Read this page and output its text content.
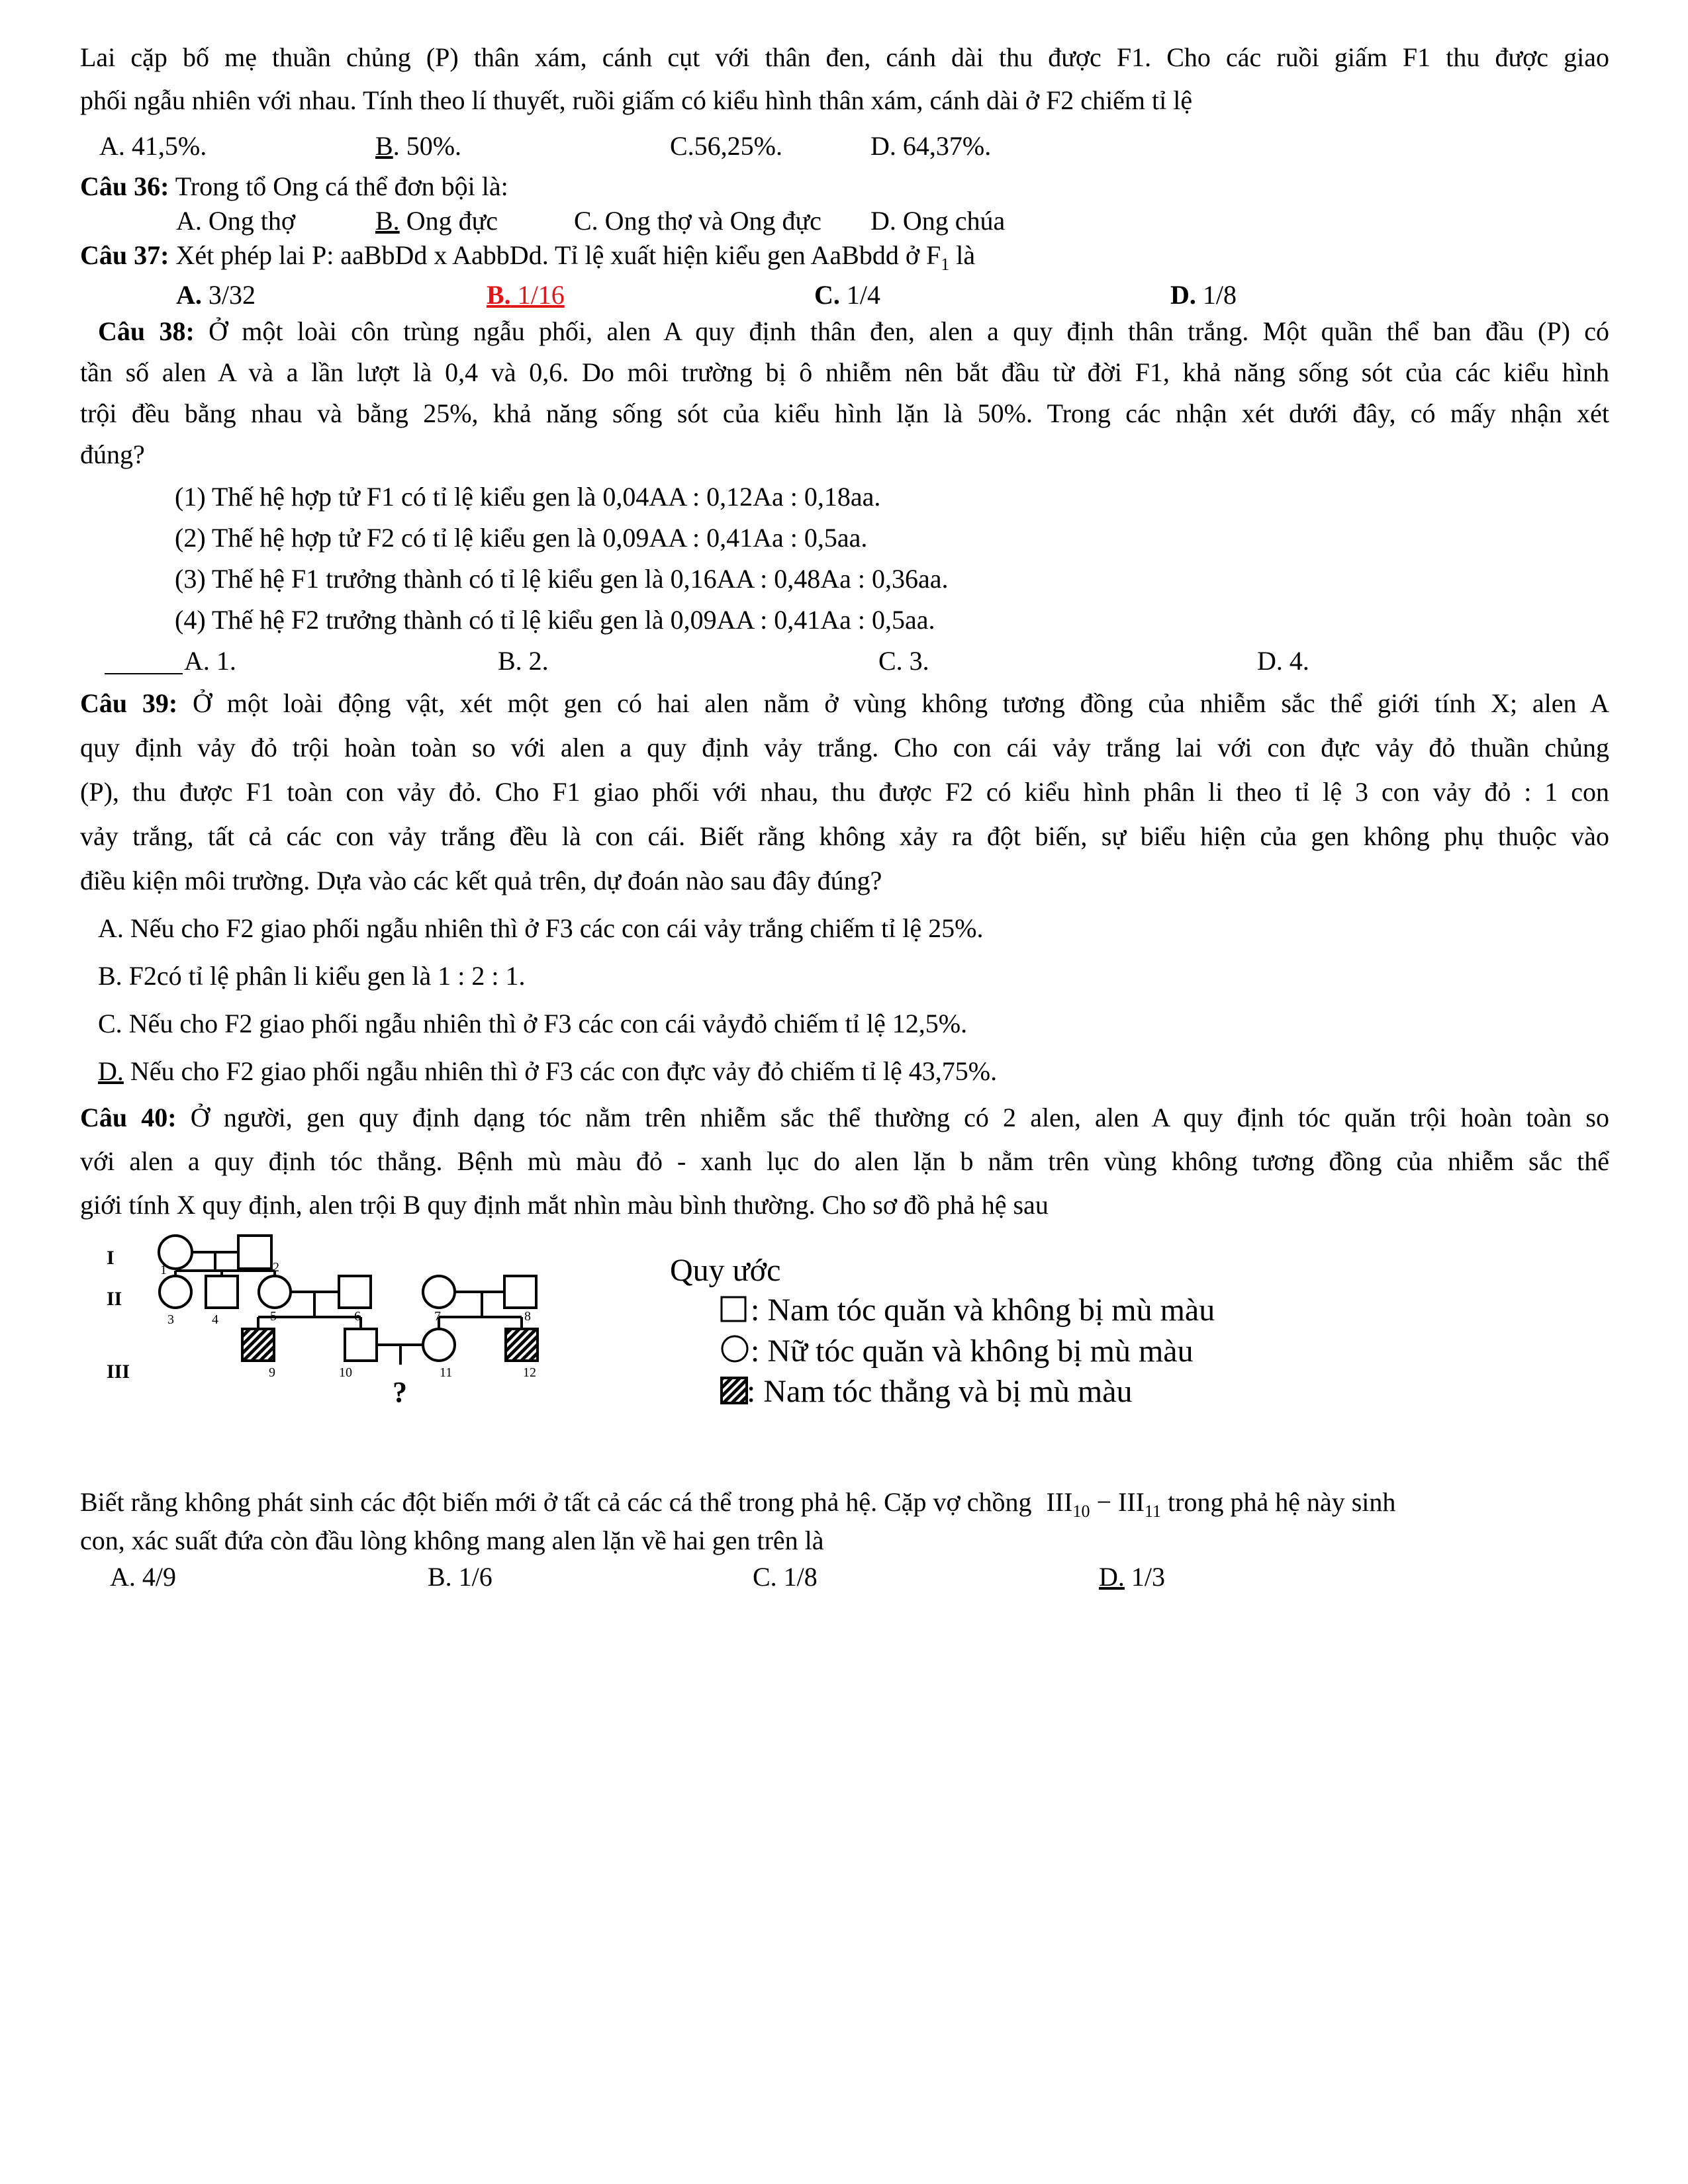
Lai cặp bố mẹ thuần chủng (P) thân xám, cánh cụt với thân đen, cánh dài thu được F1. Cho các ruồi giấm F1 thu được giao
phối ngẫu nhiên với nhau. Tính theo lí thuyết, ruồi giấm có kiểu hình thân xám, cánh dài ở F2 chiếm tỉ lệ
A. 41,5%.	B. 50%.	C.56,25%.	D. 64,37%.
Câu 36: Trong tổ Ong cá thể đơn bội là:
A. Ong thợ	B. Ong đực	C. Ong thợ và Ong đực D. Ong chúa
Câu 37: Xét phép lai P: aaBbDd x AabbDd. Tỉ lệ xuất hiện kiểu gen AaBbdd ở $F_1$ là
A. 3/32	B. 1/16	C. 1/4	D. 1/8
Câu 38: Ở một loài côn trùng ngẫu phối, alen A quy định thân đen, alen a quy định thân trắng. Một quần thể ban đầu (P) có
tần số alen A và a lần lượt là 0,4 và 0,6. Do môi trường bị ô nhiễm nên bắt đầu từ đời F1, khả năng sống sót của các kiểu hình
trội đều bằng nhau và bằng 25%, khả năng sống sót của kiểu hình lặn là 50%. Trong các nhận xét dưới đây, có mấy nhận xét
đúng?
(1) Thế hệ hợp tử F1 có tỉ lệ kiểu gen là 0,04AA : 0,12Aa : 0,18aa.
(2) Thế hệ hợp tử F2 có tỉ lệ kiểu gen là 0,09AA : 0,41Aa : 0,5aa.
(3) Thế hệ F1 trưởng thành có tỉ lệ kiểu gen là 0,16AA : 0,48Aa : 0,36aa.
(4) Thế hệ F2 trưởng thành có tỉ lệ kiểu gen là 0,09AA : 0,41Aa : 0,5aa.
A. 1.	B. 2.	C. 3.	D. 4.
Câu 39: Ở một loài động vật, xét một gen có hai alen nằm ở vùng không tương đồng của nhiễm sắc thể giới tính X; alen A
quy định vảy đỏ trội hoàn toàn so với alen a quy định vảy trắng. Cho con cái vảy trắng lai với con đực vảy đỏ thuần chủng
(P), thu được F1 toàn con vảy đỏ. Cho F1 giao phối với nhau, thu được F2 có kiểu hình phân li theo tỉ lệ 3 con vảy đỏ : 1 con
vảy trắng, tất cả các con vảy trắng đều là con cái. Biết rằng không xảy ra đột biến, sự biểu hiện của gen không phụ thuộc vào
điều kiện môi trường. Dựa vào các kết quả trên, dự đoán nào sau đây đúng?
A. Nếu cho F2 giao phối ngẫu nhiên thì ở F3 các con cái vảy trắng chiếm tỉ lệ 25%.
B. F2có tỉ lệ phân li kiểu gen là 1 : 2 : 1.
C. Nếu cho F2 giao phối ngẫu nhiên thì ở F3 các con cái vảyđỏ chiếm tỉ lệ 12,5%.
D. Nếu cho F2 giao phối ngẫu nhiên thì ở F3 các con đực vảy đỏ chiếm tỉ lệ 43,75%.
Câu 40: Ở người, gen quy định dạng tóc nằm trên nhiễm sắc thể thường có 2 alen, alen A quy định tóc quăn trội hoàn toàn so
với alen a quy định tóc thẳng. Bệnh mù màu đỏ - xanh lục do alen lặn b nằm trên vùng không tương đồng của nhiễm sắc thể
giới tính X quy định, alen trội B quy định mắt nhìn màu bình thường. Cho sơ đồ phả hệ sau
I
II
III
1	2
3	4	5	6	7	8
9	10	11	12
?
Quy ước
: Nam tóc quăn và không bị mù màu
: Nữ tóc quăn và không bị mù màu
: Nam tóc thẳng và bị mù màu
Biết rằng không phát sinh các đột biến mới ở tất cả các cá thể trong phả hệ. Cặp vợ chồng $III_{10} - III_{11}$ trong phả hệ này sinh
con, xác suất đứa còn đầu lòng không mang alen lặn về hai gen trên là
A. 4/9	B. 1/6	C. 1/8	D. 1/3
